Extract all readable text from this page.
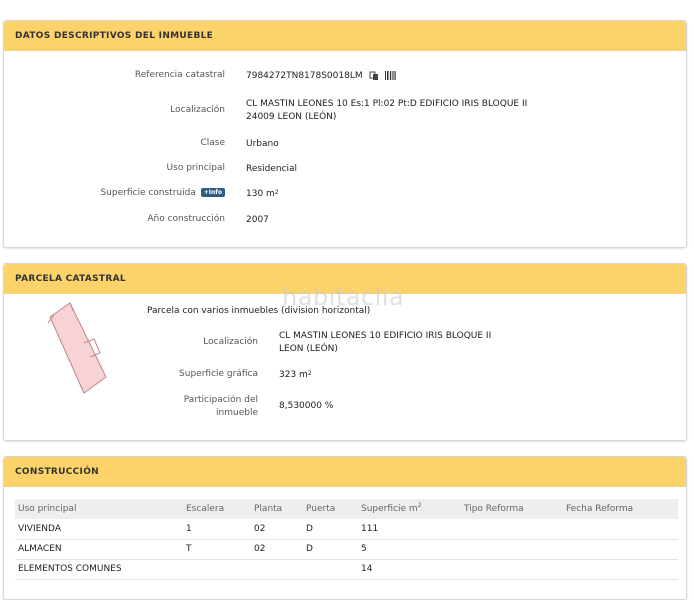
DATOS DESCRIPTIVOS DEL INMUEBLE
Referencia catastral 7984272TN8178S0018LM
Localización
CL MASTIN LEONES 10 Es:1 Pl:02 Pt:D EDIFICIO IRIS BLOQUE II
24009 LEON (LEÓN)
Clase Urbano
Uso principal Residencial
Superficie construida +Info	130 $m^2$
Año construcción 2007
PARCELA CATASTRAL
Parcela con varios inmuebles (division horizontal)
Localización
CL MASTIN LEONES 10 EDIFICIO IRIS BLOQUE II
LEON (LEÓN)
Superficie gráfica 323 $m^2$
Participación del
inmueble
8,530000 %
habitaclia
CONSTRUCCIÓN
Uso principal	Escalera	Planta	Puerta	Superficie $m^2$	Tipo Reforma	Fecha Reforma
VIVIENDA	1	02	D	111		
ALMACEN	T	02	D	5		
ELEMENTOS COMUNES				14		
